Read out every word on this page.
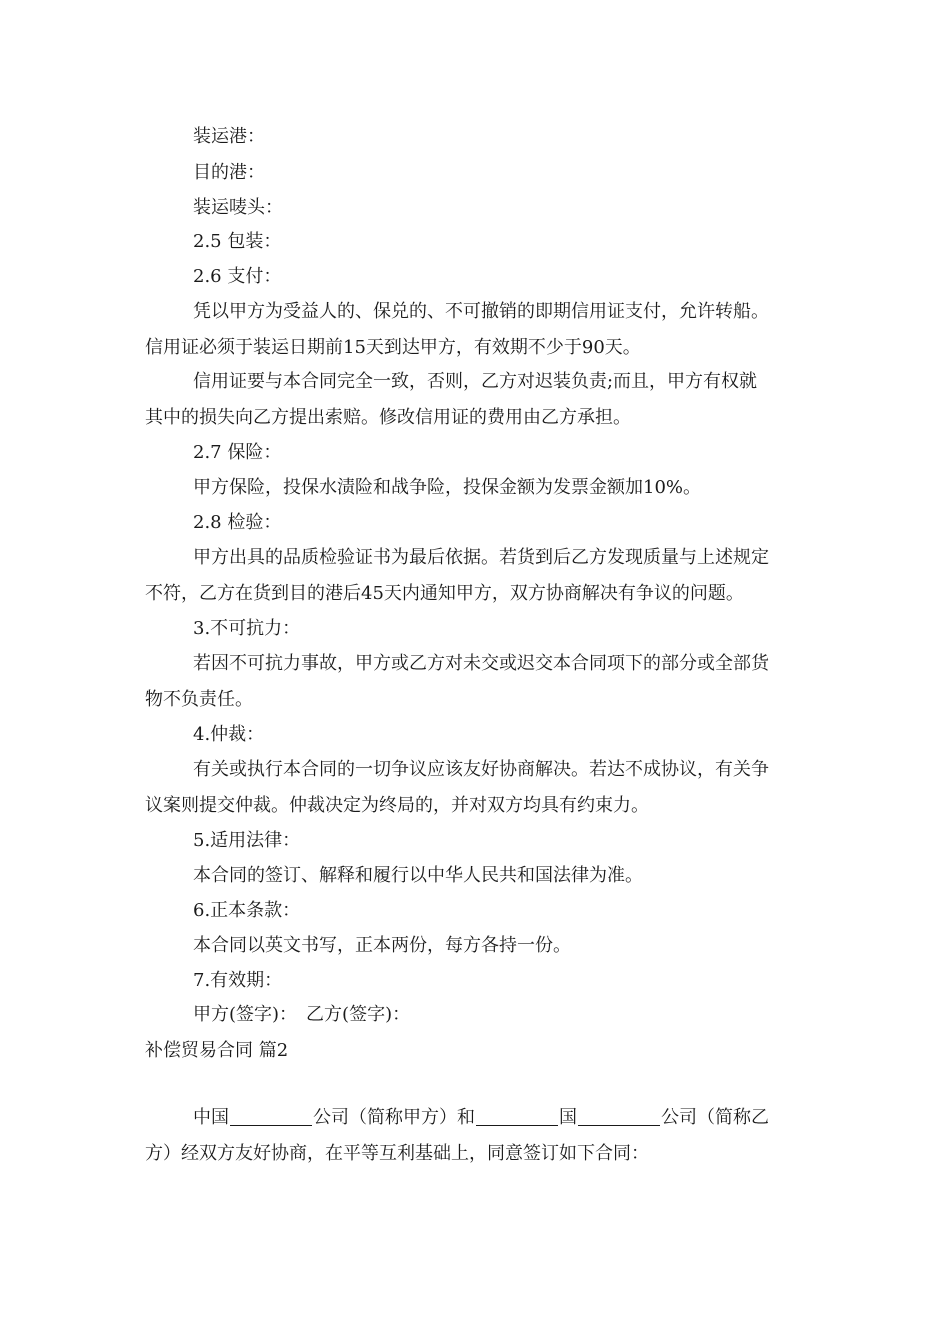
装运港：
目的港：
装运唛头：
2.5 包装：
2.6 支付：
凭以甲方为受益人的、保兑的、不可撤销的即期信用证支付，允许转船。
信用证必须于装运日期前15天到达甲方，有效期不少于90天。
信用证要与本合同完全一致，否则，乙方对迟装负责;而且，甲方有权就
其中的损失向乙方提出索赔。修改信用证的费用由乙方承担。
2.7 保险：
甲方保险，投保水渍险和战争险，投保金额为发票金额加10%。
2.8 检验：
甲方出具的品质检验证书为最后依据。若货到后乙方发现质量与上述规定
不符，乙方在货到目的港后45天内通知甲方，双方协商解决有争议的问题。
3.不可抗力：
若因不可抗力事故，甲方或乙方对未交或迟交本合同项下的部分或全部货
物不负责任。
4.仲裁：
有关或执行本合同的一切争议应该友好协商解决。若达不成协议，有关争
议案则提交仲裁。仲裁决定为终局的，并对双方均具有约束力。
5.适用法律：
本合同的签订、解释和履行以中华人民共和国法律为准。
6.正本条款：
本合同以英文书写，正本两份，每方各持一份。
7.有效期：
甲方(签字)：　乙方(签字)：
补偿贸易合同 篇2
中国	公司（简称甲方）和	国	公司（简称乙
方）经双方友好协商，在平等互利基础上，同意签订如下合同：
